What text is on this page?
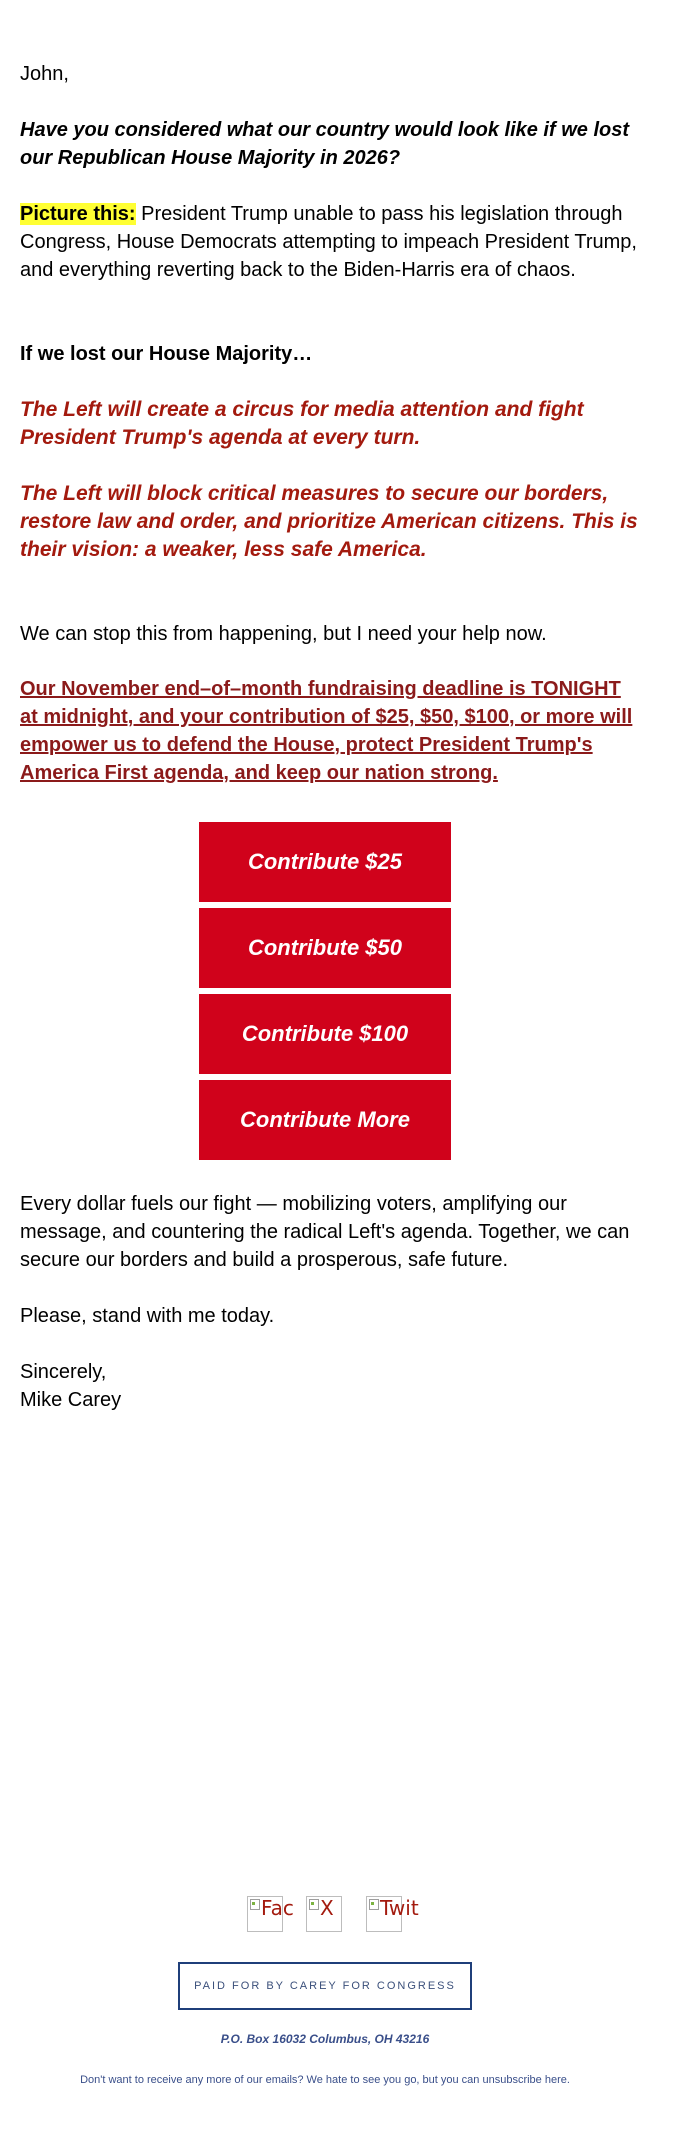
John,

Have you considered what our country would look like if we lost our Republican House Majority in 2026?

Picture this: President Trump unable to pass his legislation through Congress, House Democrats attempting to impeach President Trump, and everything reverting back to the Biden-Harris era of chaos.

If we lost our House Majority…

The Left will create a circus for media attention and fight President Trump's agenda at every turn.

The Left will block critical measures to secure our borders, restore law and order, and prioritize American citizens. This is their vision: a weaker, less safe America.

We can stop this from happening, but I need your help now.

Our November end–of–month fundraising deadline is TONIGHT at midnight, and your contribution of $25, $50, $100, or more will empower us to defend the House, protect President Trump's America First agenda, and keep our nation strong.

Contribute $25
Contribute $50
Contribute $100
Contribute More

Every dollar fuels our fight — mobilizing voters, amplifying our message, and countering the radical Left's agenda. Together, we can secure our borders and build a prosperous, safe future.

Please, stand with me today.

Sincerely,

Mike Carey

Fac	X	Twit
PAID FOR BY CAREY FOR CONGRESS
P.O. Box 16032 Columbus, OH 43216
Don't want to receive any more of our emails? We hate to see you go, but you can unsubscribe here.
